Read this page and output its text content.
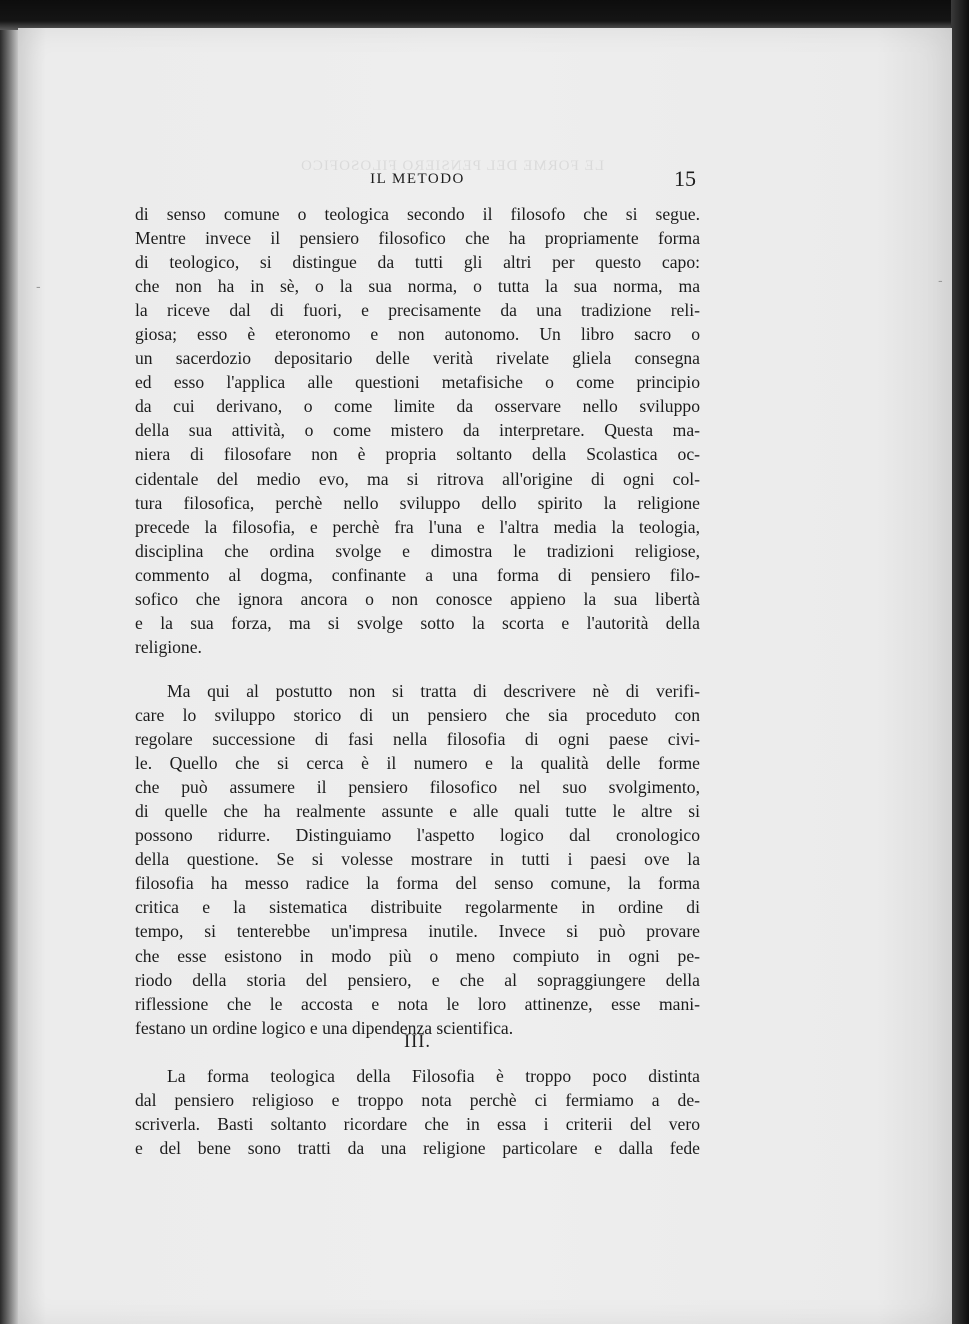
LE FORME DEL PENSIERO FILOSOFICO
-	-
IL METODO	15
di senso comune o teologica secondo il filosofo che si segue.
Mentre invece il pensiero filosofico che ha propriamente forma
di teologico, si distingue da tutti gli altri per questo capo:
che non ha in sè, o la sua norma, o tutta la sua norma, ma
la riceve dal di fuori, e precisamente da una tradizione reli-
giosa; esso è eteronomo e non autonomo. Un libro sacro o
un sacerdozio depositario delle verità rivelate gliela consegna
ed esso l'applica alle questioni metafisiche o come principio
da cui derivano, o come limite da osservare nello sviluppo
della sua attività, o come mistero da interpretare. Questa ma-
niera di filosofare non è propria soltanto della Scolastica oc-
cidentale del medio evo, ma si ritrova all'origine di ogni col-
tura filosofica, perchè nello sviluppo dello spirito la religione
precede la filosofia, e perchè fra l'una e l'altra media la teologia,
disciplina che ordina svolge e dimostra le tradizioni religiose,
commento al dogma, confinante a una forma di pensiero filo-
sofico che ignora ancora o non conosce appieno la sua libertà
e la sua forza, ma si svolge sotto la scorta e l'autorità della
religione.
Ma qui al postutto non si tratta di descrivere nè di verifi-
care lo sviluppo storico di un pensiero che sia proceduto con
regolare successione di fasi nella filosofia di ogni paese civi-
le. Quello che si cerca è il numero e la qualità delle forme
che può assumere il pensiero filosofico nel suo svolgimento,
di quelle che ha realmente assunte e alle quali tutte le altre si
possono ridurre. Distinguiamo l'aspetto logico dal cronologico
della questione. Se si volesse mostrare in tutti i paesi ove la
filosofia ha messo radice la forma del senso comune, la forma
critica e la sistematica distribuite regolarmente in ordine di
tempo, si tenterebbe un'impresa inutile. Invece si può provare
che esse esistono in modo più o meno compiuto in ogni pe-
riodo della storia del pensiero, e che al sopraggiungere della
riflessione che le accosta e nota le loro attinenze, esse mani-
festano un ordine logico e una dipendenza scientifica.
III.
La forma teologica della Filosofia è troppo poco distinta
dal pensiero religioso e troppo nota perchè ci fermiamo a de-
scriverla. Basti soltanto ricordare che in essa i criterii del vero
e del bene sono tratti da una religione particolare e dalla fede
